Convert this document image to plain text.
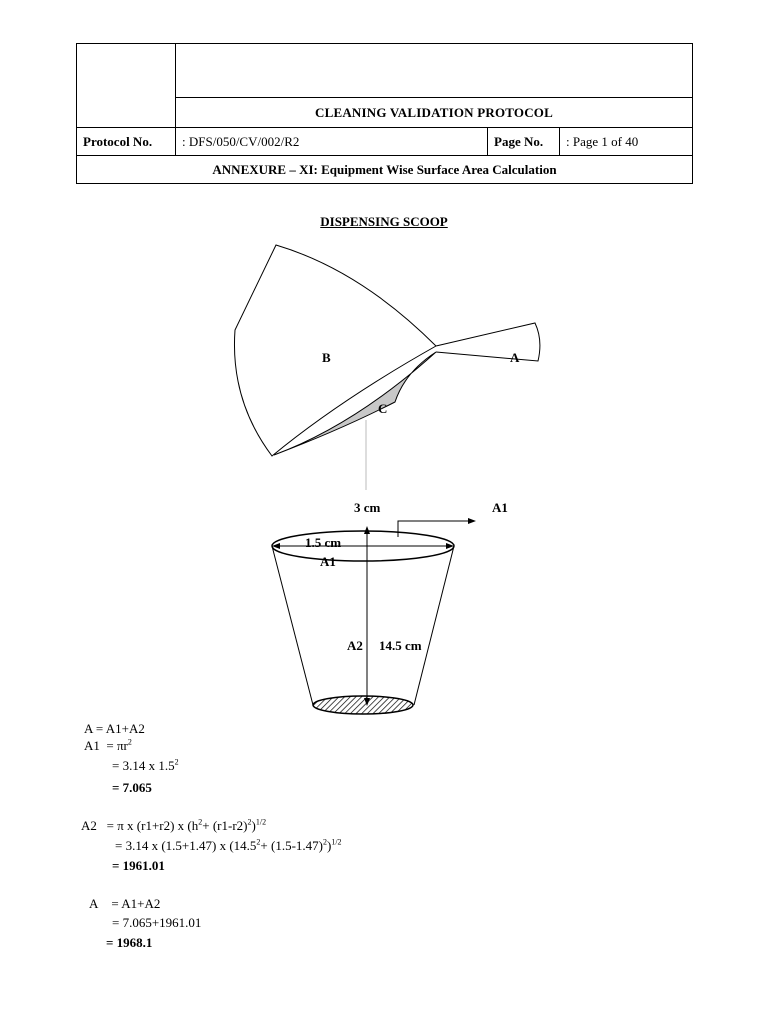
CLEANING VALIDATION PROTOCOL
Protocol No.	: DFS/050/CV/002/R2	Page No.	: Page 1 of 40
ANNEXURE – XI: Equipment Wise Surface Area Calculation
DISPENSING SCOOP
B	A
C
3 cm	A1
1.5 cm
A1
A2 14.5 cm
A = A1+A2
$A1 = \pi r^2$
= 3.14 x $1.5^2$
= 7.065
A2 = π x (r1+r2) x $(h^2+ (r1-r2)^2)^{1/2}$
= 3.14 x (1.5+1.47) x $(14.5^2+ (1.5-1.47)^2)^{1/2}$
= 1961.01
A = A1+A2
= 7.065+1961.01
= 1968.1
